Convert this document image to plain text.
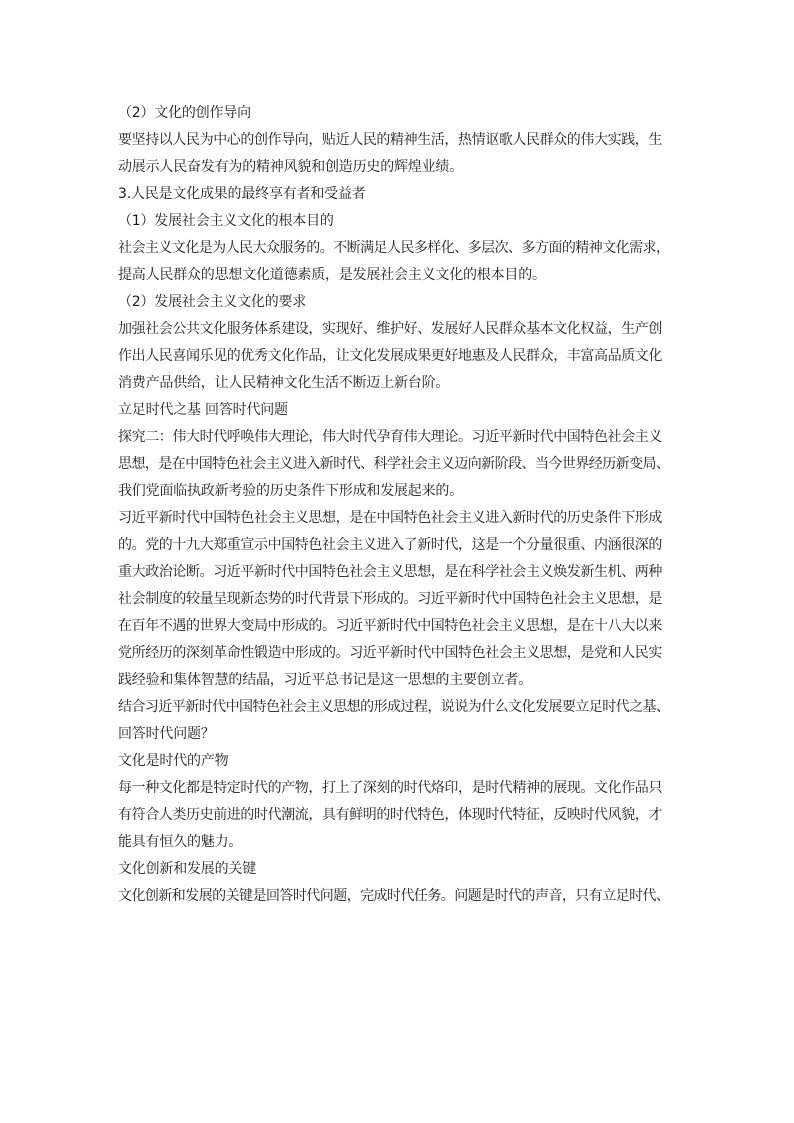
（2）文化的创作导向
要坚持以人民为中心的创作导向，贴近人民的精神生活，热情讴歌人民群众的伟大实践，生
动展示人民奋发有为的精神风貌和创造历史的辉煌业绩。
3.人民是文化成果的最终享有者和受益者
（1）发展社会主义文化的根本目的
社会主义文化是为人民大众服务的。不断满足人民多样化、多层次、多方面的精神文化需求，
提高人民群众的思想文化道德素质，是发展社会主义文化的根本目的。
（2）发展社会主义文化的要求
加强社会公共文化服务体系建设，实现好、维护好、发展好人民群众基本文化权益，生产创
作出人民喜闻乐见的优秀文化作品，让文化发展成果更好地惠及人民群众，丰富高品质文化
消费产品供给，让人民精神文化生活不断迈上新台阶。
立足时代之基 回答时代问题
探究二：伟大时代呼唤伟大理论，伟大时代孕育伟大理论。习近平新时代中国特色社会主义
思想，是在中国特色社会主义进入新时代、科学社会主义迈向新阶段、当今世界经历新变局、
我们党面临执政新考验的历史条件下形成和发展起来的。
习近平新时代中国特色社会主义思想，是在中国特色社会主义进入新时代的历史条件下形成
的。党的十九大郑重宣示中国特色社会主义进入了新时代，这是一个分量很重、内涵很深的
重大政治论断。习近平新时代中国特色社会主义思想，是在科学社会主义焕发新生机、两种
社会制度的较量呈现新态势的时代背景下形成的。习近平新时代中国特色社会主义思想，是
在百年不遇的世界大变局中形成的。习近平新时代中国特色社会主义思想，是在十八大以来
党所经历的深刻革命性锻造中形成的。习近平新时代中国特色社会主义思想，是党和人民实
践经验和集体智慧的结晶，习近平总书记是这一思想的主要创立者。
结合习近平新时代中国特色社会主义思想的形成过程，说说为什么文化发展要立足时代之基、
回答时代问题？
文化是时代的产物
每一种文化都是特定时代的产物，打上了深刻的时代烙印，是时代精神的展现。文化作品只
有符合人类历史前进的时代潮流，具有鲜明的时代特色，体现时代特征，反映时代风貌，才
能具有恒久的魅力。
文化创新和发展的关键
文化创新和发展的关键是回答时代问题，完成时代任务。问题是时代的声音，只有立足时代、
